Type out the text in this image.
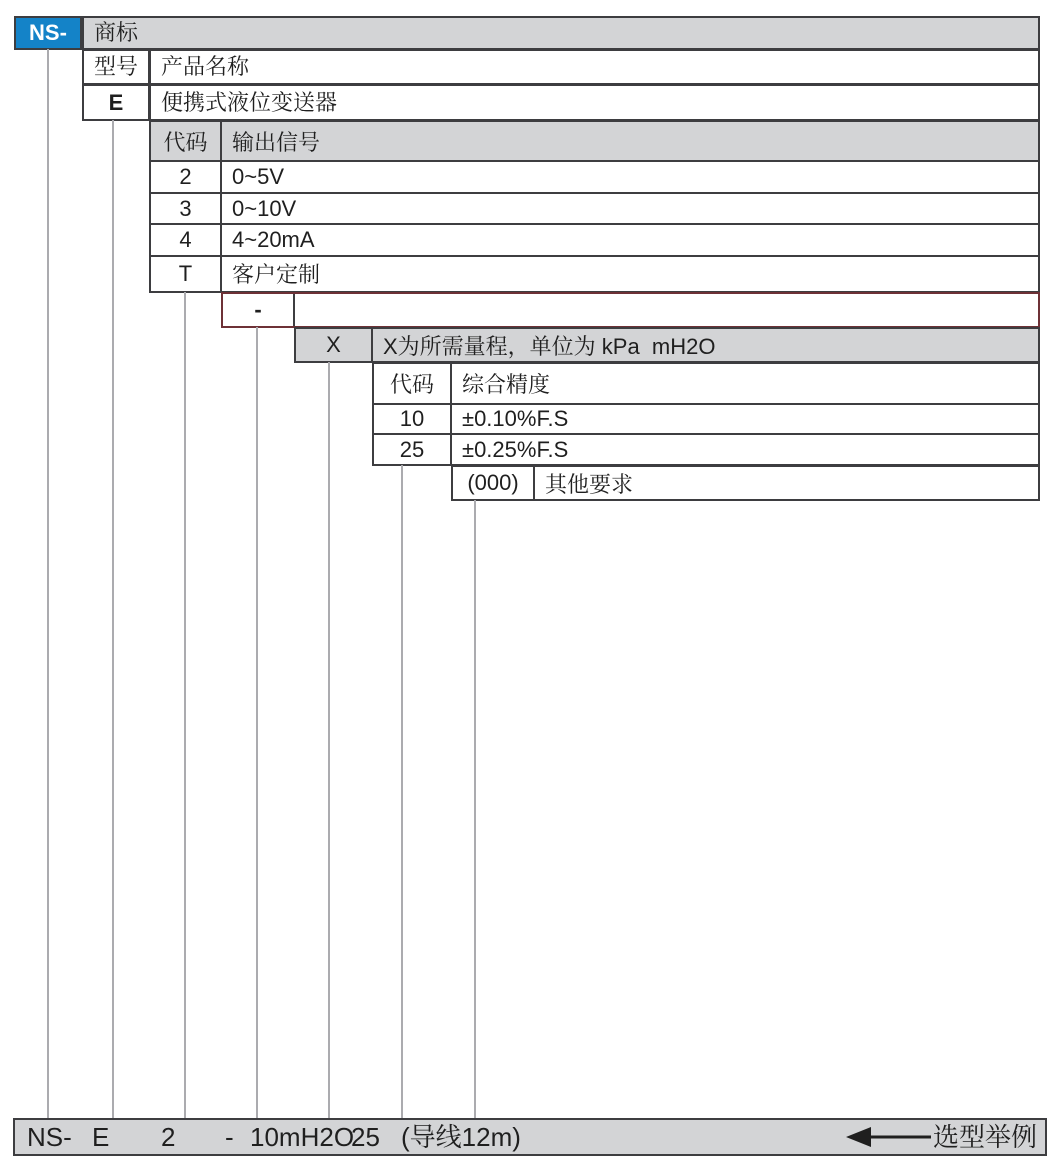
NS-	商标
型号	产品名称
E	便携式液位变送器
代码	输出信号
2	0~5V
3	0~10V
4	4~20mA
T	客户定制
-
X	X为所需量程，单位为 kPa  mH2O
代码	综合精度
10	±0.10%F.S
25	±0.25%F.S
(000)	其他要求
NS- E 2 - 10mH2O
25 (导线12m)	选型举例
